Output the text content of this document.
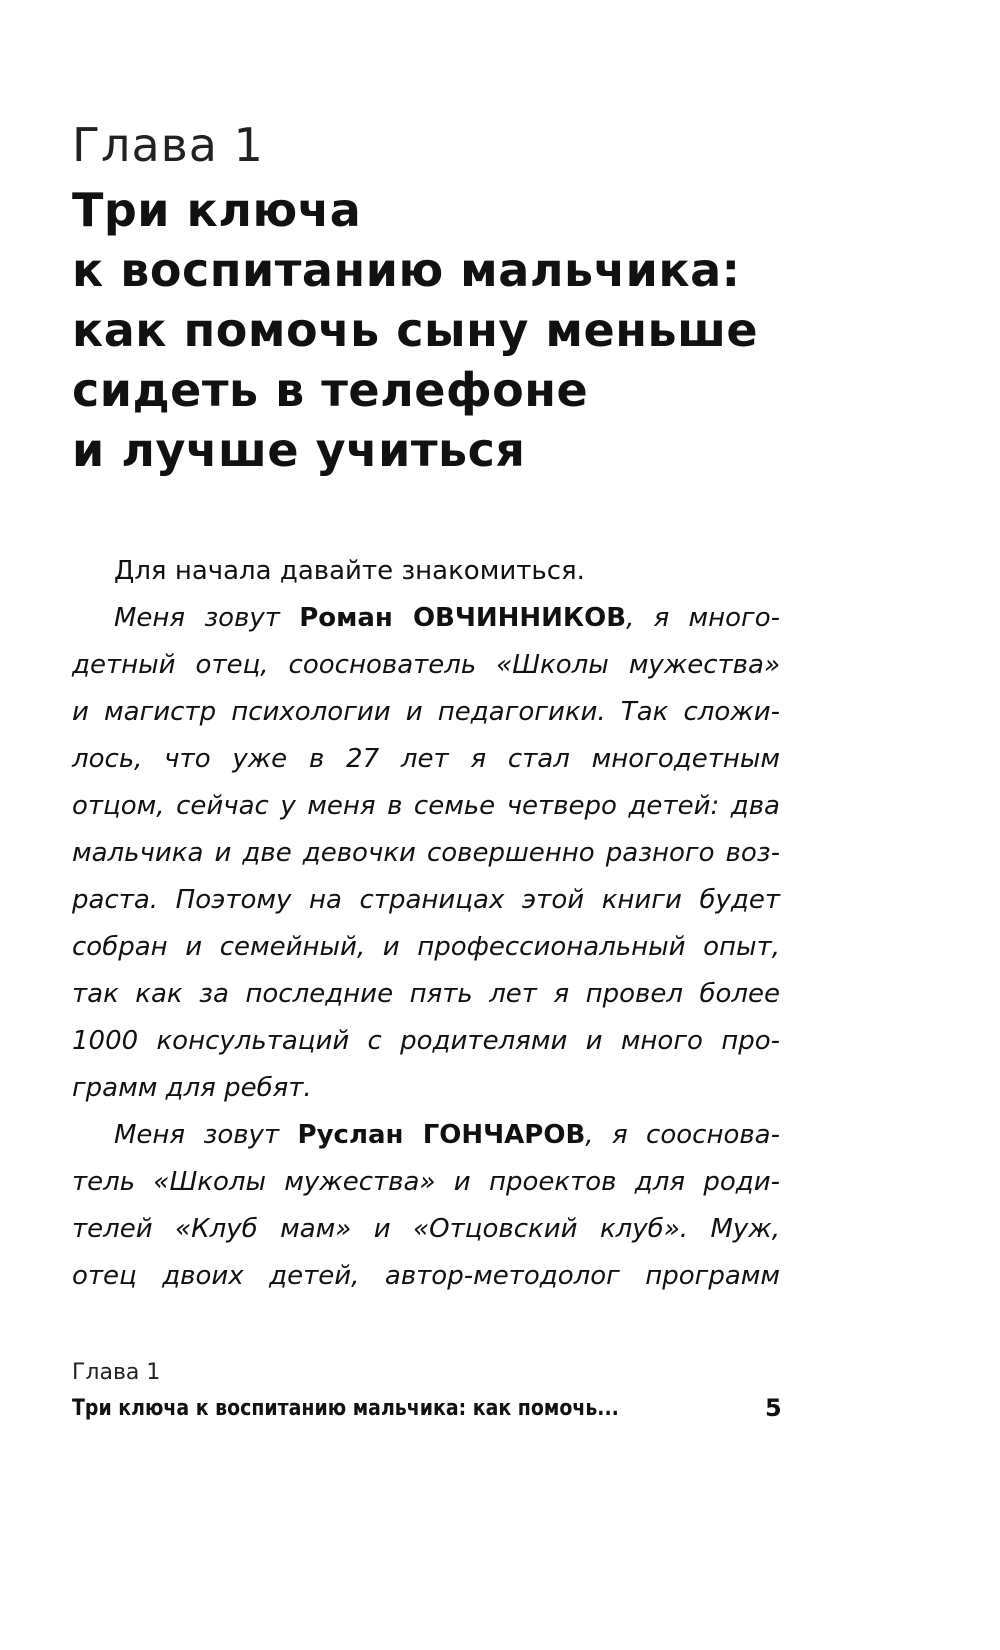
Глава 1
Три ключа
к воспитанию мальчика:
как помочь сыну меньше
сидеть в телефоне
и лучше учиться
Для начала давайте знакомиться.
Меня зовут Роман ОВЧИННИКОВ, я много-
детный отец, сооснователь «Школы мужества»
и магистр психологии и педагогики. Так сложи-
лось, что уже в 27 лет я стал многодетным
отцом, сейчас у меня в семье четверо детей: два
мальчика и две девочки совершенно разного воз-
раста. Поэтому на страницах этой книги будет
собран и семейный, и профессиональный опыт,
так как за последние пять лет я провел более
1000 консультаций с родителями и много про-
грамм для ребят.
Меня зовут Руслан ГОНЧАРОВ, я сооснова-
тель «Школы мужества» и проектов для роди-
телей «Клуб мам» и «Отцовский клуб». Муж,
отец двоих детей, автор-методолог программ
Глава 1
Три ключа к воспитанию мальчика: как помочь...	5
